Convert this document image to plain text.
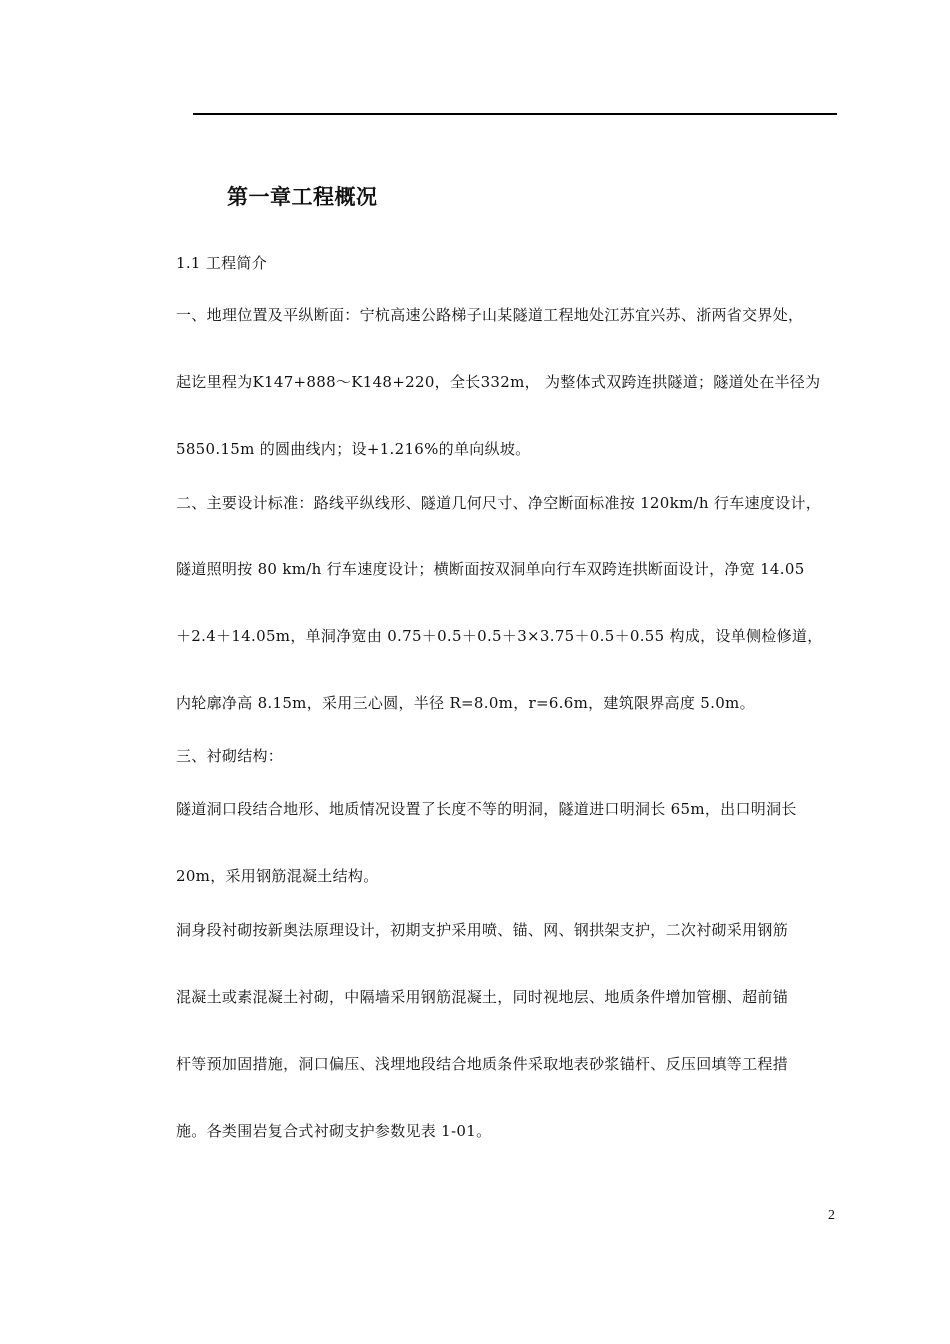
第一章工程概况
1.1 工程简介
一、地理位置及平纵断面：宁杭高速公路梯子山某隧道工程地处江苏宜兴苏、浙两省交界处，
起讫里程为K147+888～K148+220，全长332m， 为整体式双跨连拱隧道；隧道处在半径为
5850.15m 的圆曲线内；设+1.216%的单向纵坡。
二、主要设计标准：路线平纵线形、隧道几何尺寸、净空断面标准按 120km/h 行车速度设计，
隧道照明按 80 km/h 行车速度设计；横断面按双洞单向行车双跨连拱断面设计，净宽 14.05
＋2.4＋14.05m，单洞净宽由 0.75＋0.5＋0.5＋3×3.75＋0.5＋0.55 构成，设单侧检修道，
内轮廓净高 8.15m，采用三心圆，半径 R=8.0m，r=6.6m，建筑限界高度 5.0m。
三、衬砌结构：
隧道洞口段结合地形、地质情况设置了长度不等的明洞，隧道进口明洞长 65m，出口明洞长
20m，采用钢筋混凝土结构。
洞身段衬砌按新奥法原理设计，初期支护采用喷、锚、网、钢拱架支护，二次衬砌采用钢筋
混凝土或素混凝土衬砌，中隔墙采用钢筋混凝土，同时视地层、地质条件增加管棚、超前锚
杆等预加固措施，洞口偏压、浅埋地段结合地质条件采取地表砂浆锚杆、反压回填等工程措
施。各类围岩复合式衬砌支护参数见表 1-01。
2
